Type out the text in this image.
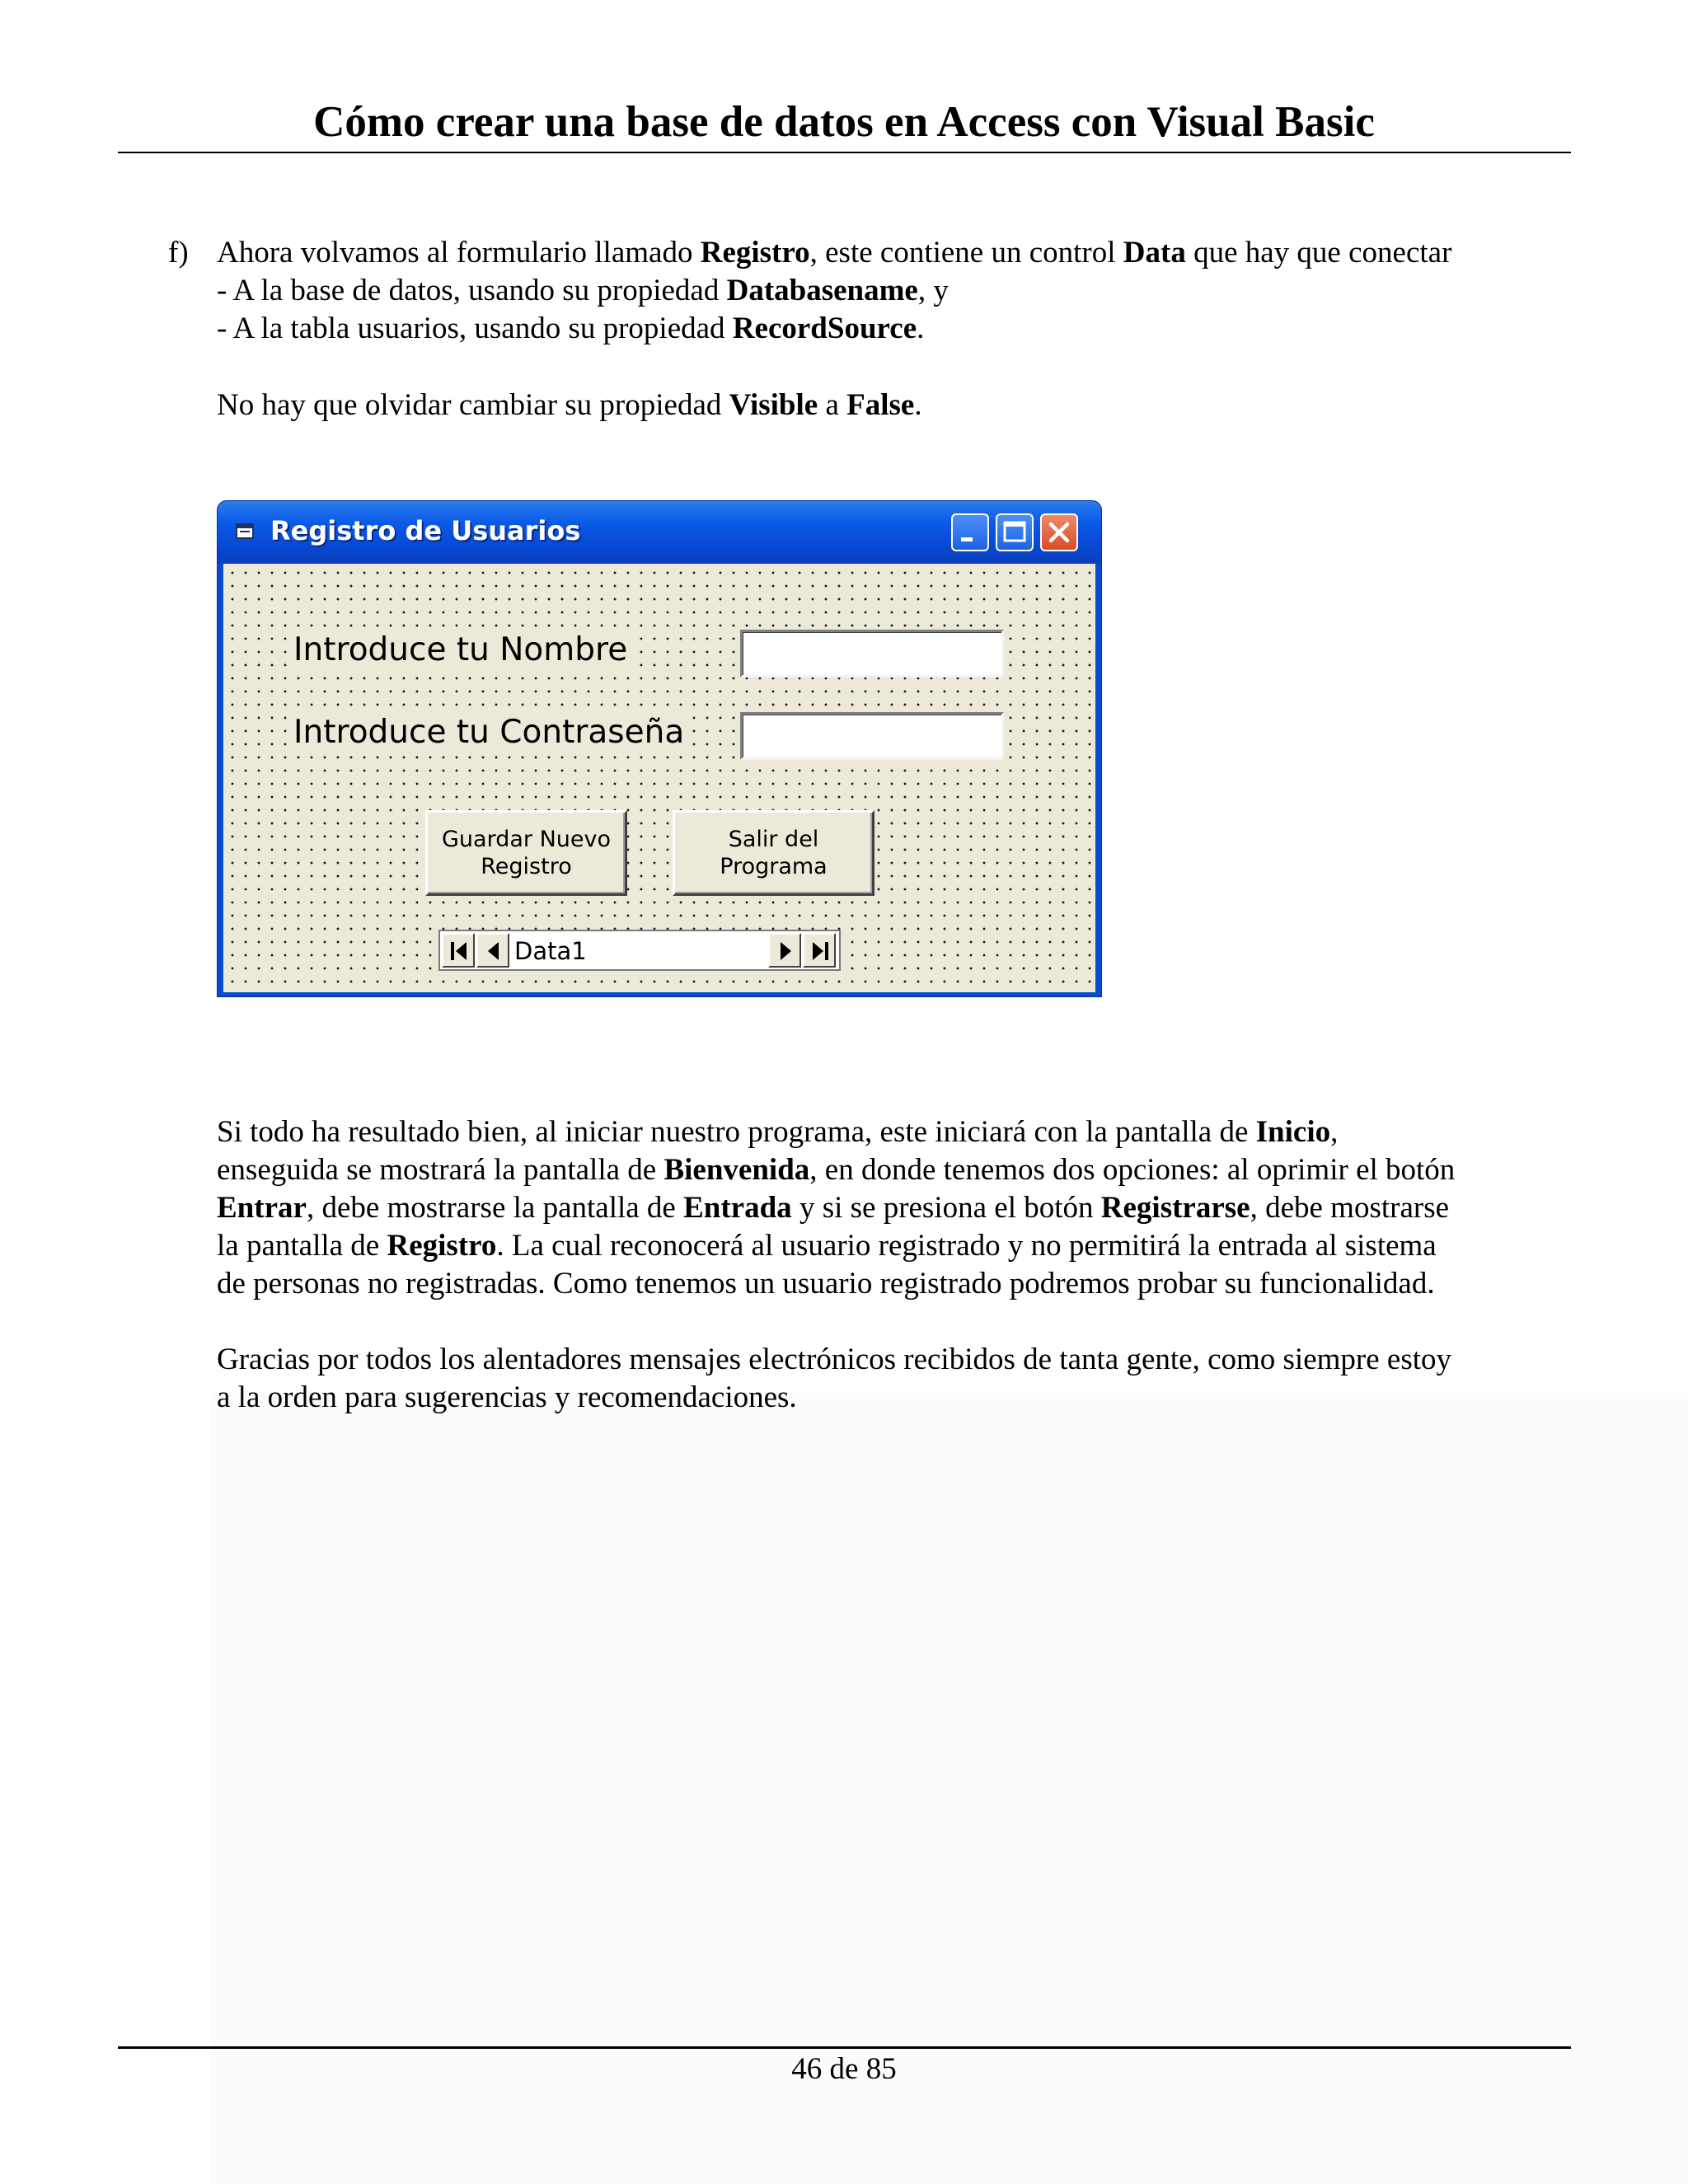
Cómo crear una base de datos en Access con Visual Basic
f) Ahora volvamos al formulario llamado Registro, este contiene un control Data que hay que conectar
- A la base de datos, usando su propiedad Databasename, y
- A la tabla usuarios, usando su propiedad RecordSource.
No hay que olvidar cambiar su propiedad Visible a False.
Registro de Usuarios
Introduce tu Nombre
Introduce tu Contraseña
Guardar Nuevo
Registro
Salir del Programa
Data1
Si todo ha resultado bien, al iniciar nuestro programa, este iniciará con la pantalla de Inicio,
enseguida se mostrará la pantalla de Bienvenida, en donde tenemos dos opciones: al oprimir el botón
Entrar, debe mostrarse la pantalla de Entrada y si se presiona el botón Registrarse, debe mostrarse
la pantalla de Registro. La cual reconocerá al usuario registrado y no permitirá la entrada al sistema
de personas no registradas. Como tenemos un usuario registrado podremos probar su funcionalidad.
Gracias por todos los alentadores mensajes electrónicos recibidos de tanta gente, como siempre estoy
a la orden para sugerencias y recomendaciones.
46 de 85
